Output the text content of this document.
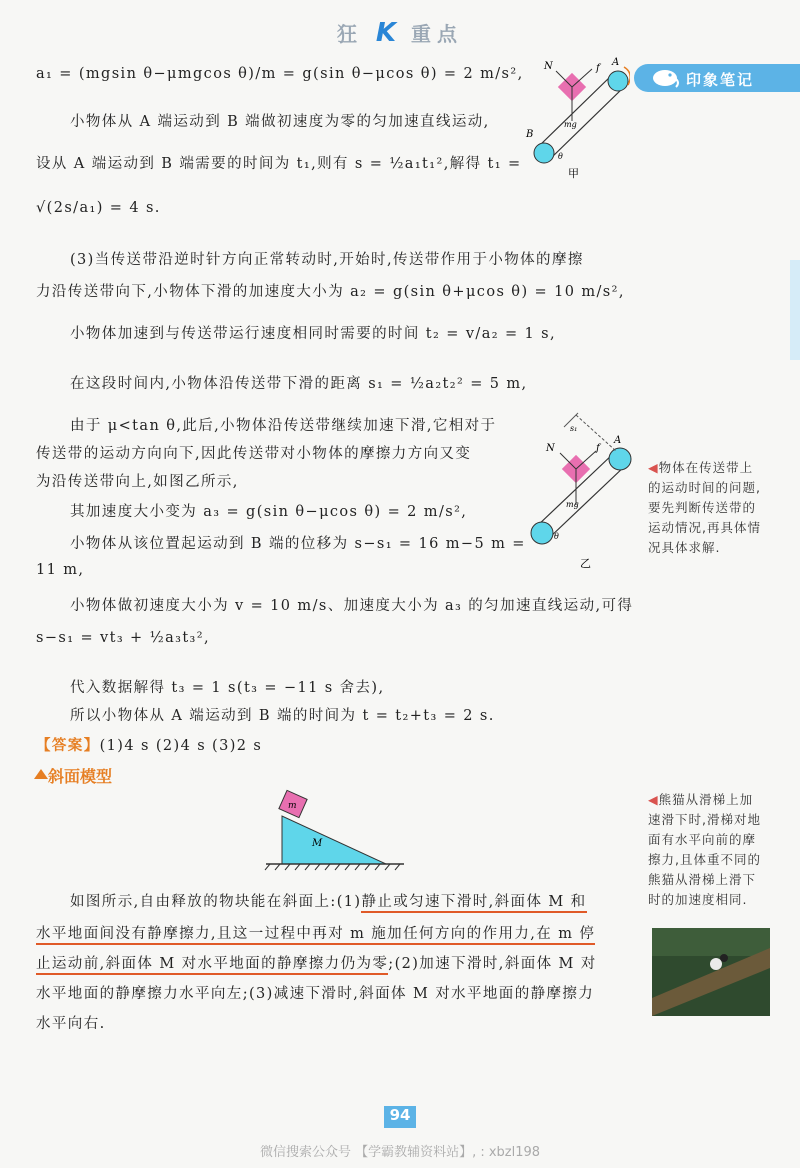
狂 K 重点
印象笔记
a₁ = (mgsin θ−μmgcos θ)/m = g(sin θ−μcos θ) = 2 m/s²,
小物体从 A 端运动到 B 端做初速度为零的匀加速直线运动,
设从 A 端运动到 B 端需要的时间为 t₁,则有 s = ½a₁t₁²,解得 t₁ =
√(2s/a₁) = 4 s.
(3)当传送带沿逆时针方向正常转动时,开始时,传送带作用于小物体的摩擦
力沿传送带向下,小物体下滑的加速度大小为 a₂ = g(sin θ+μcos θ) = 10 m/s²,
小物体加速到与传送带运行速度相同时需要的时间 t₂ = v/a₂ = 1 s,
在这段时间内,小物体沿传送带下滑的距离 s₁ = ½a₂t₂² = 5 m,
由于 μ<tan θ,此后,小物体沿传送带继续加速下滑,它相对于
传送带的运动方向向下,因此传送带对小物体的摩擦力方向又变
为沿传送带向上,如图乙所示,
其加速度大小变为 a₃ = g(sin θ−μcos θ) = 2 m/s²,
小物体从该位置起运动到 B 端的位移为 s−s₁ = 16 m−5 m =
11 m,
小物体做初速度大小为 v = 10 m/s、加速度大小为 a₃ 的匀加速直线运动,可得
s−s₁ = vt₃ + ½a₃t₃²,
代入数据解得 t₃ = 1 s(t₃ = −11 s 舍去),
所以小物体从 A 端运动到 B 端的时间为 t = t₂+t₃ = 2 s.
【答案】(1)4 s (2)4 s (3)2 s
斜面模型
N	f
A
B
mg
θ
甲
s₁
N	f
A
mg
θ
乙
m
M
如图所示,自由释放的物块能在斜面上:(1)静止或匀速下滑时,斜面体 M 和
水平地面间没有静摩擦力,且这一过程中再对 m 施加任何方向的作用力,在 m 停
止运动前,斜面体 M 对水平地面的静摩擦力仍为零;(2)加速下滑时,斜面体 M 对
水平地面的静摩擦力水平向左;(3)减速下滑时,斜面体 M 对水平地面的静摩擦力
水平向右.
◀物体在传送带上
的运动时间的问题,
要先判断传送带的
运动情况,再具体情
况具体求解.
◀熊猫从滑梯上加
速滑下时,滑梯对地
面有水平向前的摩
擦力,且体重不同的
熊猫从滑梯上滑下
时的加速度相同.
94
微信搜索公众号 【学霸教辅资料站】, : xbzl198
